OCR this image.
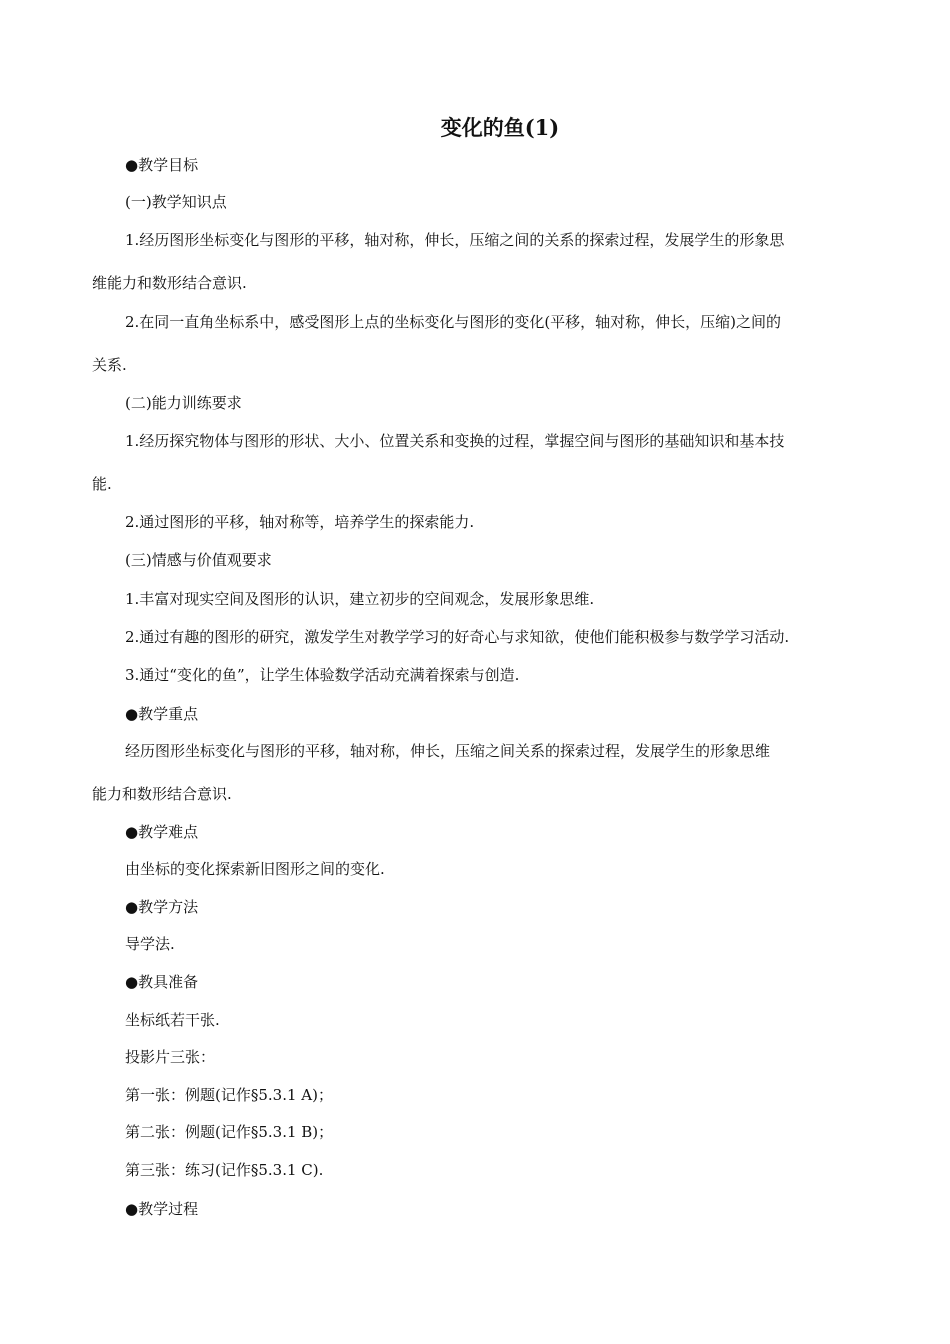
变化的鱼(1)
●教学目标
(一)教学知识点
1.经历图形坐标变化与图形的平移，轴对称，伸长，压缩之间的关系的探索过程，发展学生的形象思
维能力和数形结合意识.
2.在同一直角坐标系中，感受图形上点的坐标变化与图形的变化(平移，轴对称，伸长，压缩)之间的
关系.
(二)能力训练要求
1.经历探究物体与图形的形状、大小、位置关系和变换的过程，掌握空间与图形的基础知识和基本技
能.
2.通过图形的平移，轴对称等，培养学生的探索能力.
(三)情感与价值观要求
1.丰富对现实空间及图形的认识，建立初步的空间观念，发展形象思维.
2.通过有趣的图形的研究，激发学生对教学学习的好奇心与求知欲，使他们能积极参与数学学习活动.
3.通过“变化的鱼”，让学生体验数学活动充满着探索与创造.
●教学重点
经历图形坐标变化与图形的平移，轴对称，伸长，压缩之间关系的探索过程，发展学生的形象思维
能力和数形结合意识.
●教学难点
由坐标的变化探索新旧图形之间的变化.
●教学方法
导学法.
●教具准备
坐标纸若干张.
投影片三张：
第一张：例题(记作§5.3.1 A)；
第二张：例题(记作§5.3.1 B)；
第三张：练习(记作§5.3.1 C).
●教学过程
